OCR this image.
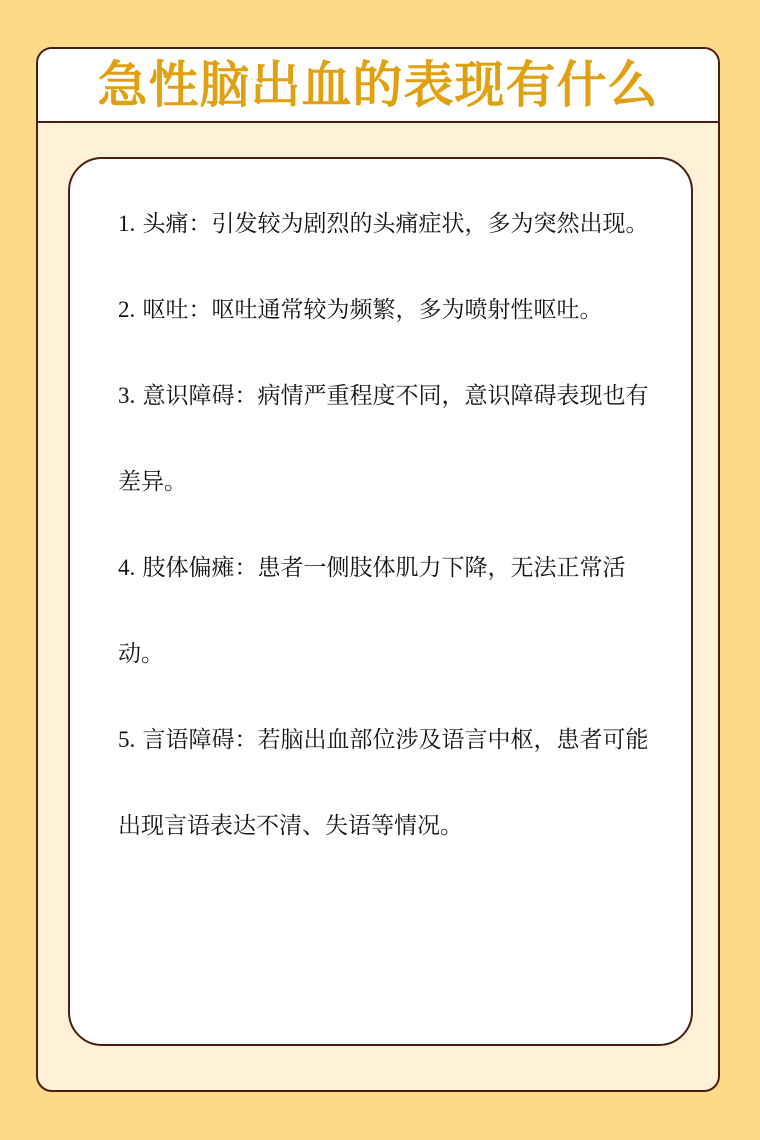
急性脑出血的表现有什么

1. 头痛：引发较为剧烈的头痛症状，多为突然出现。

2. 呕吐：呕吐通常较为频繁，多为喷射性呕吐。

3. 意识障碍：病情严重程度不同，意识障碍表现也有差异。

4. 肢体偏瘫：患者一侧肢体肌力下降，无法正常活动。

5. 言语障碍：若脑出血部位涉及语言中枢，患者可能出现言语表达不清、失语等情况。
